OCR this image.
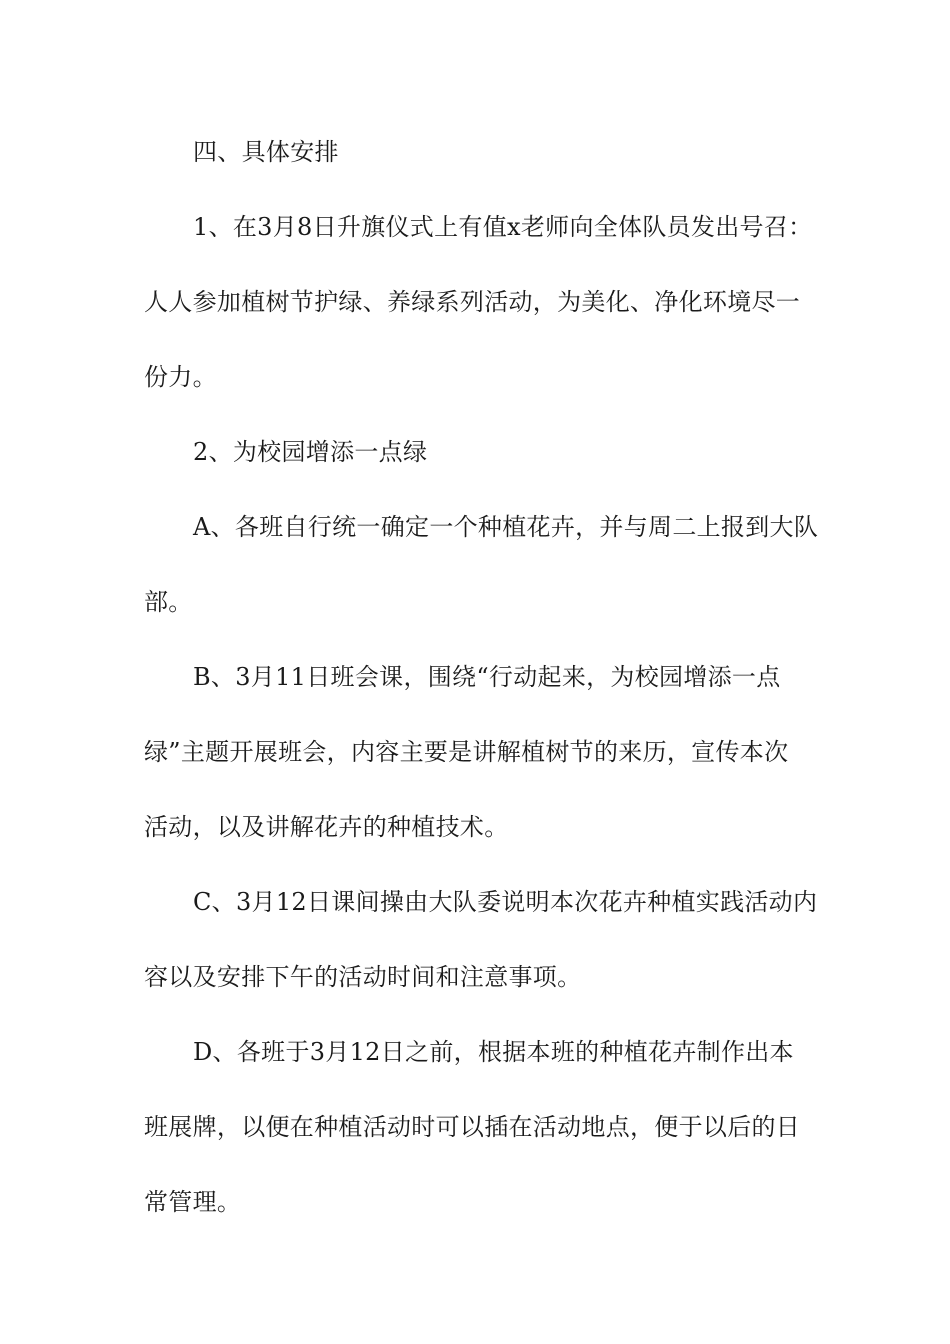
四、具体安排

1、在3月8日升旗仪式上有值x老师向全体队员发出号召：

人人参加植树节护绿、养绿系列活动，为美化、净化环境尽一

份力。

2、为校园增添一点绿

A、各班自行统一确定一个种植花卉，并与周二上报到大队

部。

B、3月11日班会课，围绕“行动起来，为校园增添一点

绿”主题开展班会，内容主要是讲解植树节的来历，宣传本次

活动，以及讲解花卉的种植技术。

C、3月12日课间操由大队委说明本次花卉种植实践活动内

容以及安排下午的活动时间和注意事项。

D、各班于3月12日之前，根据本班的种植花卉制作出本

班展牌，以便在种植活动时可以插在活动地点，便于以后的日

常管理。
